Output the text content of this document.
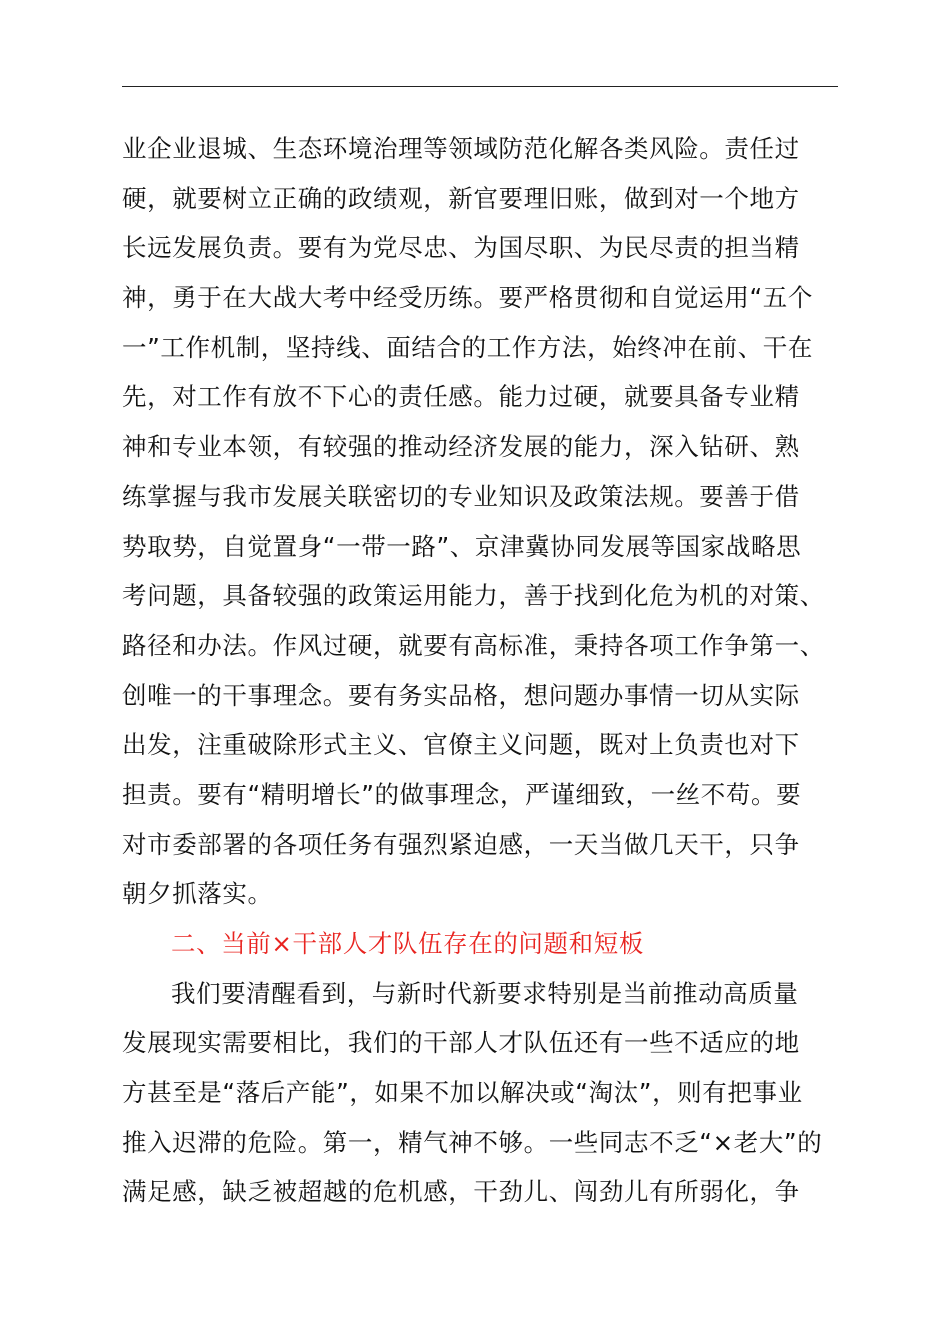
业企业退城、生态环境治理等领域防范化解各类风险。责任过
硬，就要树立正确的政绩观，新官要理旧账，做到对一个地方
长远发展负责。要有为党尽忠、为国尽职、为民尽责的担当精
神，勇于在大战大考中经受历练。要严格贯彻和自觉运用“五个
一”工作机制，坚持线、面结合的工作方法，始终冲在前、干在
先，对工作有放不下心的责任感。能力过硬，就要具备专业精
神和专业本领，有较强的推动经济发展的能力，深入钻研、熟
练掌握与我市发展关联密切的专业知识及政策法规。要善于借
势取势，自觉置身“一带一路”、京津冀协同发展等国家战略思
考问题，具备较强的政策运用能力，善于找到化危为机的对策、
路径和办法。作风过硬，就要有高标准，秉持各项工作争第一、
创唯一的干事理念。要有务实品格，想问题办事情一切从实际
出发，注重破除形式主义、官僚主义问题，既对上负责也对下
担责。要有“精明增长”的做事理念，严谨细致，一丝不苟。要
对市委部署的各项任务有强烈紧迫感，一天当做几天干，只争
朝夕抓落实。
二、当前×干部人才队伍存在的问题和短板
我们要清醒看到，与新时代新要求特别是当前推动高质量
发展现实需要相比，我们的干部人才队伍还有一些不适应的地
方甚至是“落后产能”，如果不加以解决或“淘汰”，则有把事业
推入迟滞的危险。第一，精气神不够。一些同志不乏“×老大”的
满足感，缺乏被超越的危机感，干劲儿、闯劲儿有所弱化，争
